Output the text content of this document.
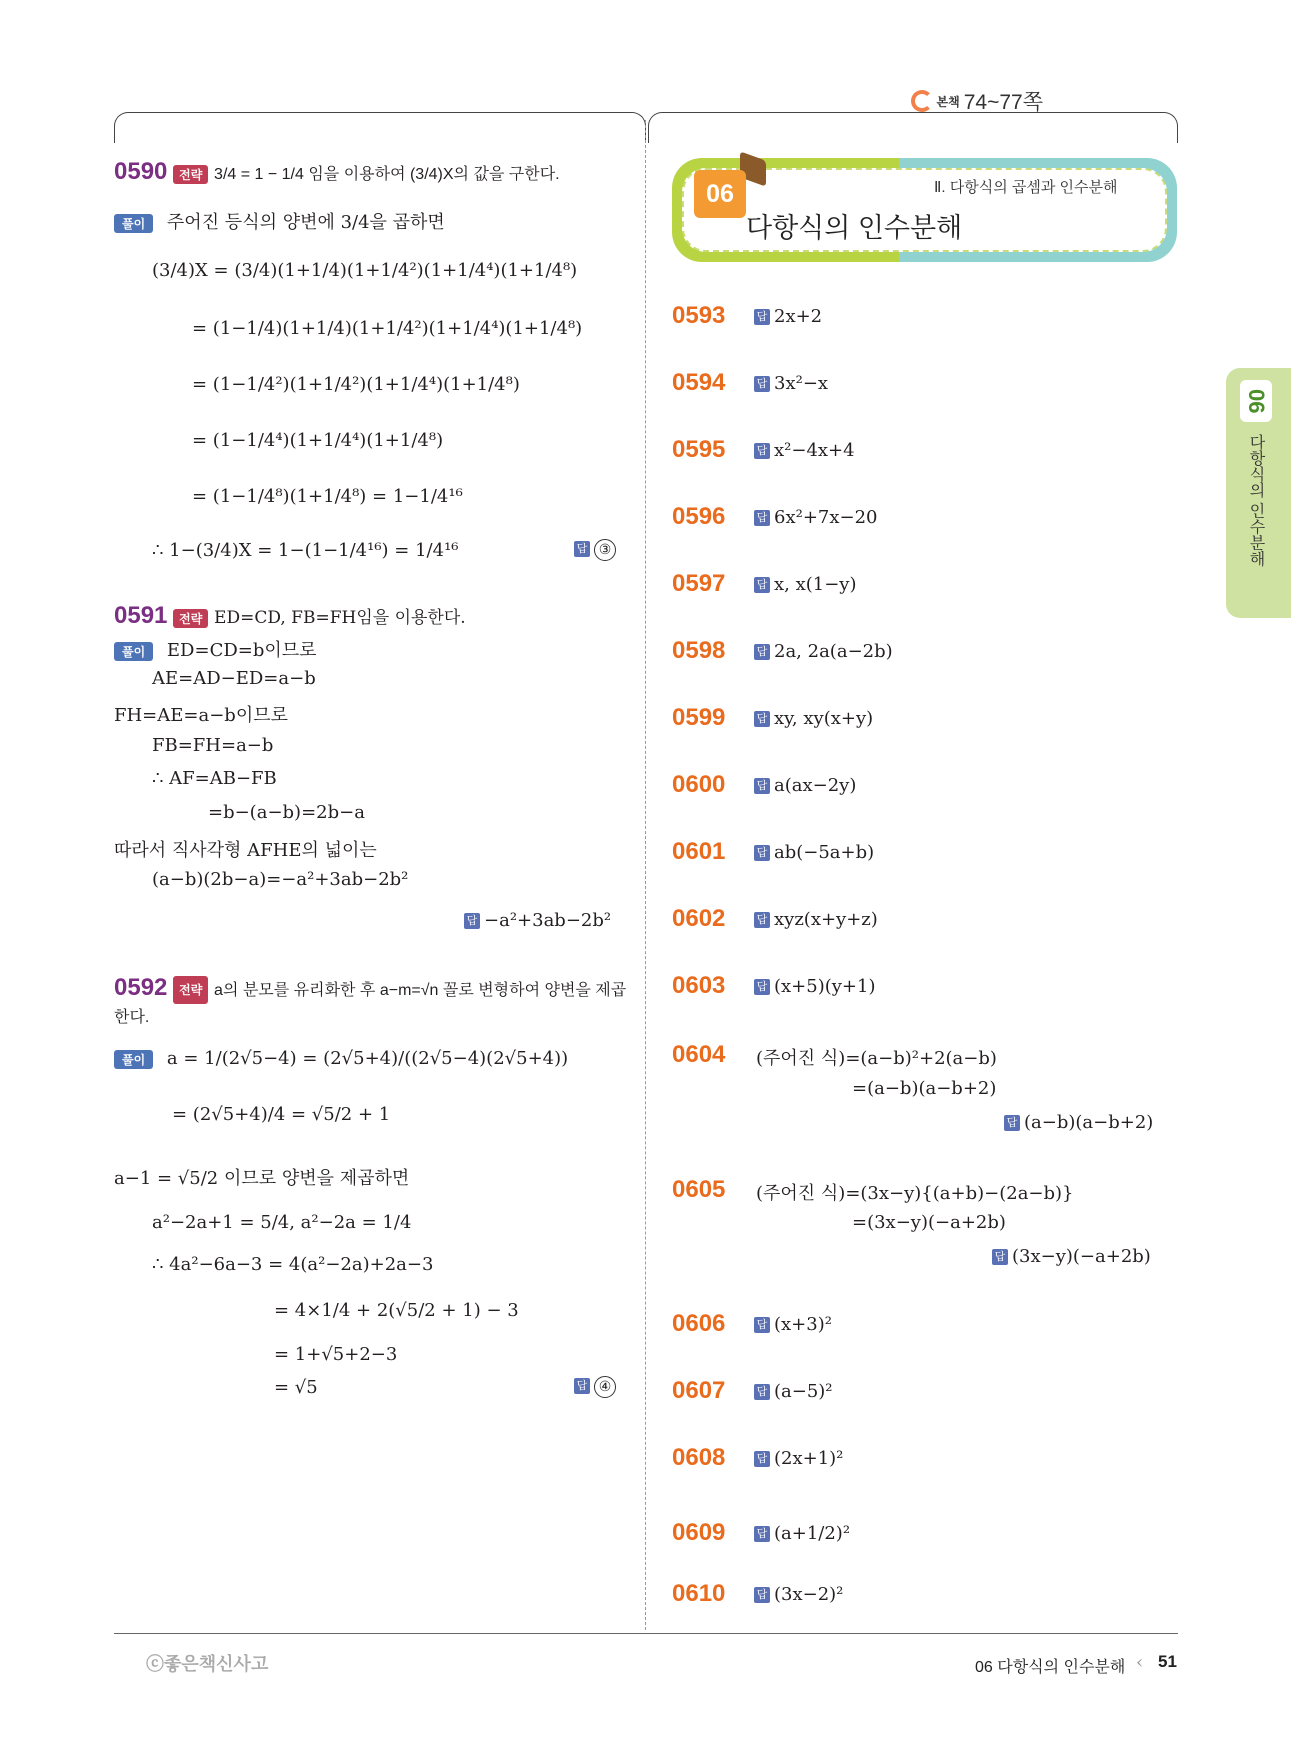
본책 74~77쪽
06	Ⅱ. 다항식의 곱셈과 인수분해
다항식의 인수분해
06
다항식의 인수분해
0590 전략 3/4 = 1 − 1/4 임을 이용하여 (3/4)X의 값을 구한다.
풀이 주어진 등식의 양변에 3/4을 곱하면
(3/4)X = (3/4)(1+1/4)(1+1/4²)(1+1/4⁴)(1+1/4⁸)
= (1−1/4)(1+1/4)(1+1/4²)(1+1/4⁴)(1+1/4⁸)
= (1−1/4²)(1+1/4²)(1+1/4⁴)(1+1/4⁸)
= (1−1/4⁴)(1+1/4⁴)(1+1/4⁸)
= (1−1/4⁸)(1+1/4⁸) = 1−1/4¹⁶
∴ 1−(3/4)X = 1−(1−1/4¹⁶) = 1/4¹⁶	답 ③
0591 전략 ED=CD, FB=FH임을 이용한다.
풀이 ED=CD=b이므로
AE=AD−ED=a−b
FH=AE=a−b이므로
FB=FH=a−b
∴ AF=AB−FB
=b−(a−b)=2b−a
따라서 직사각형 AFHE의 넓이는
(a−b)(2b−a)=−a²+3ab−2b²
답 −a²+3ab−2b²
0592 전략 a의 분모를 유리화한 후 a−m=√n 꼴로 변형하여 양변을 제곱한다.
풀이 a = 1/(2√5−4) = (2√5+4)/((2√5−4)(2√5+4))
= (2√5+4)/4 = √5/2 + 1
a−1 = √5/2 이므로 양변을 제곱하면
a²−2a+1 = 5/4, a²−2a = 1/4
∴ 4a²−6a−3 = 4(a²−2a)+2a−3
= 4×1/4 + 2(√5/2 + 1) − 3
= 1+√5+2−3
= √5	답 ④
0593	답 2x+2
0594	답 3x²−x
0595	답 x²−4x+4
0596	답 6x²+7x−20
0597	답 x, x(1−y)
0598	답 2a, 2a(a−2b)
0599	답 xy, xy(x+y)
0600	답 a(ax−2y)
0601	답 ab(−5a+b)
0602	답 xyz(x+y+z)
0603	답 (x+5)(y+1)
0604 (주어진 식)=(a−b)²+2(a−b)
=(a−b)(a−b+2)
답 (a−b)(a−b+2)
0605 (주어진 식)=(3x−y){(a+b)−(2a−b)}
=(3x−y)(−a+2b)
답 (3x−y)(−a+2b)
0606	답 (x+3)²
0607	답 (a−5)²
0608	답 (2x+1)²
0609	답 (a+1/2)²
0610	답 (3x−2)²
ⓒ좋은책신사고	06 다항식의 인수분해 ‹ 51
